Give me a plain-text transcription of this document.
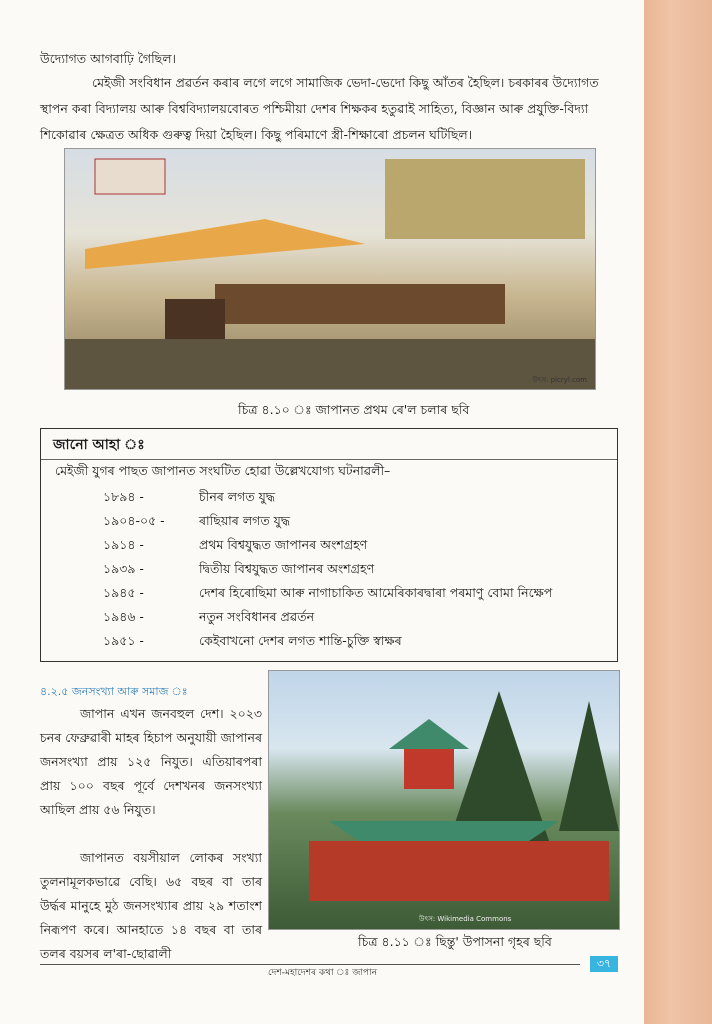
উদ্যোগত আগবাঢ়ি গৈছিল।

মেইজী সংবিধান প্ৰৱৰ্তন কৰাৰ লগে লগে সামাজিক ভেদা-ভেদো কিছু আঁতৰ হৈছিল। চৰকাৰৰ উদ্যোগত স্থাপন কৰা বিদ্যালয় আৰু বিশ্ববিদ্যালয়বোৰত পশ্চিমীয়া দেশৰ শিক্ষকৰ হতুৱাই সাহিত্য, বিজ্ঞান আৰু প্ৰযুক্তি-বিদ্যা শিকোৱাৰ ক্ষেত্ৰত অধিক গুৰুত্ব দিয়া হৈছিল। কিছু পৰিমাণে স্ত্ৰী-শিক্ষাৰো প্ৰচলন ঘটিছিল।

উৎস: picryl.com
চিত্ৰ ৪.১০ ঃ জাপানত প্ৰথম ৰে'ল চলাৰ ছবি
জানো আহা ঃ
মেইজী যুগৰ পাছত জাপানত সংঘটিত হোৱা উল্লেখযোগ্য ঘটনাৱলী–
১৮৯৪ -	চীনৰ লগত যুদ্ধ
১৯০৪-০৫ -	ৰাছিয়াৰ লগত যুদ্ধ
১৯১৪ -	প্ৰথম বিশ্বযুদ্ধত জাপানৰ অংশগ্ৰহণ
১৯৩৯ -	দ্বিতীয় বিশ্বযুদ্ধত জাপানৰ অংশগ্ৰহণ
১৯৪৫ -	দেশৰ হিৰোছিমা আৰু নাগাচাকিত আমেৰিকাৰদ্বাৰা পৰমাণু বোমা নিক্ষেপ
১৯৪৬ -	নতুন সংবিধানৰ প্ৰৱৰ্তন
১৯৫১ -	কেইবাখনো দেশৰ লগত শান্তি-চুক্তি স্বাক্ষৰ
৪.২.৫ জনসংখ্যা আৰু সমাজ ঃ

জাপান এখন জনবহুল দেশ। ২০২৩ চনৰ ফেব্ৰুৱাৰী মাহৰ হিচাপ অনুযায়ী জাপানৰ জনসংখ্যা প্ৰায় ১২৫ নিযুত। এতিয়াৰপৰা প্ৰায় ১০০ বছৰ পূৰ্বে দেশখনৰ জনসংখ্যা আছিল প্ৰায় ৫৬ নিযুত।

জাপানত বয়সীয়াল লোকৰ সংখ্যা তুলনামূলকভাৱে বেছি। ৬৫ বছৰ বা তাৰ উৰ্দ্ধৰ মানুহে মুঠ জনসংখ্যাৰ প্ৰায় ২৯ শতাংশ নিৰূপণ কৰে। আনহাতে ১৪ বছৰ বা তাৰ তলৰ বয়সৰ ল'ৰা-ছোৱালী

উৎস: Wikimedia Commons
চিত্ৰ ৪.১১ ঃ ছিন্তু' উপাসনা গৃহৰ ছবি
দেশ-মহাদেশৰ কথা ঃ জাপান
৩৭
